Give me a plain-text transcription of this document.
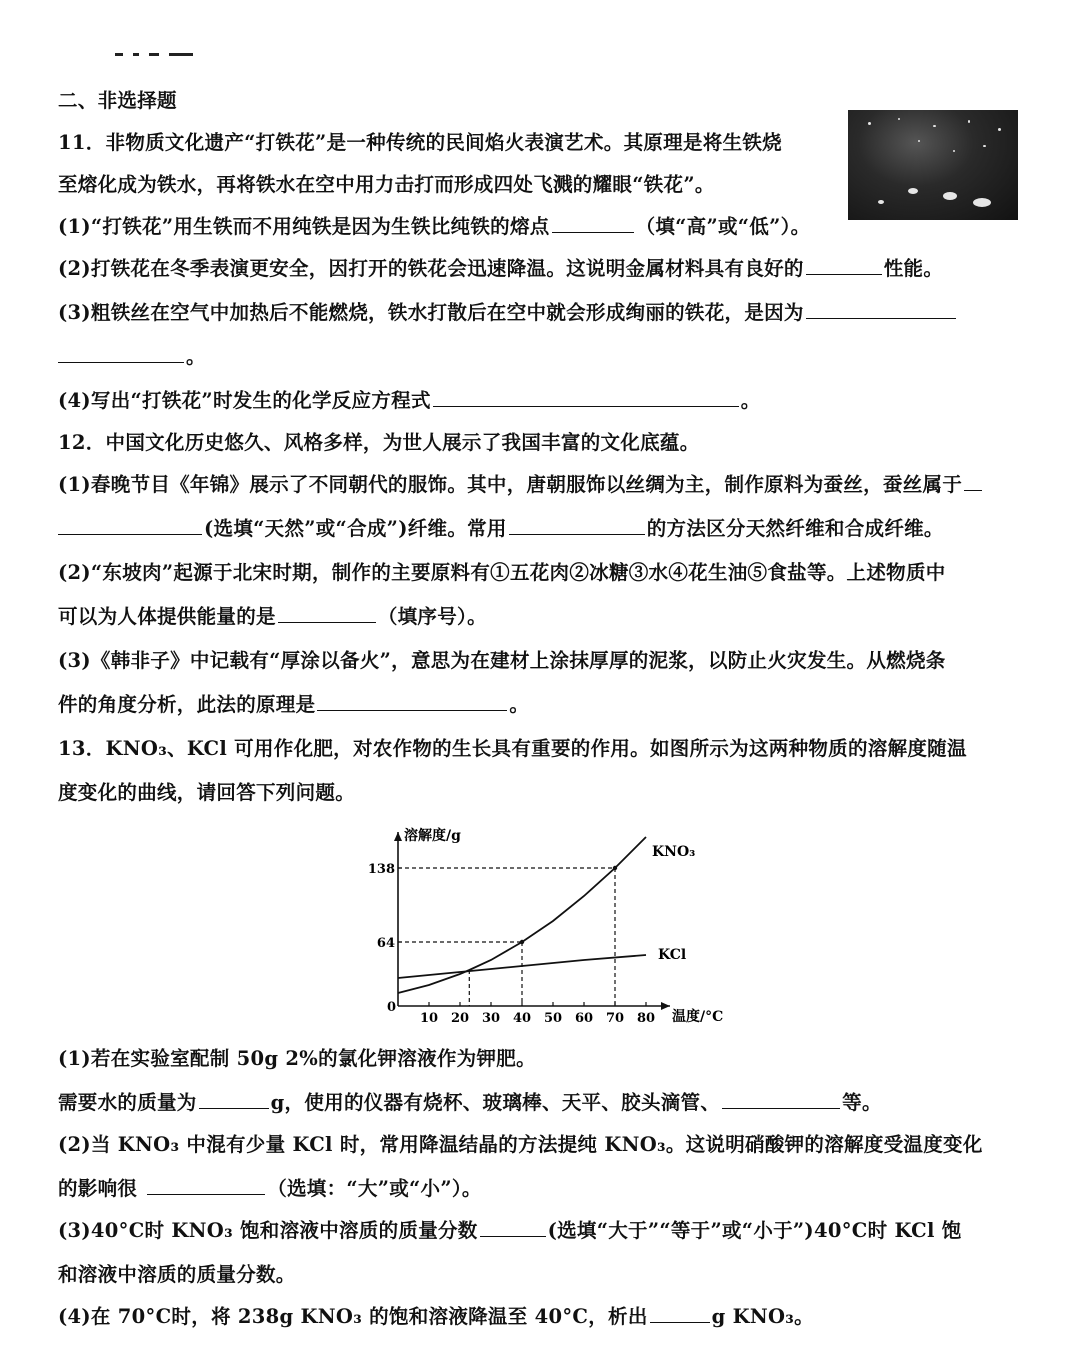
二、非选择题

11．非物质文化遗产“打铁花”是一种传统的民间焰火表演艺术。其原理是将生铁烧

至熔化成为铁水，再将铁水在空中用力击打而形成四处飞溅的耀眼“铁花”。

(1)“打铁花”用生铁而不用纯铁是因为生铁比纯铁的熔点	（填“高”或“低”）。

(2)打铁花在冬季表演更安全，因打开的铁花会迅速降温。这说明金属材料具有良好的	性能。

(3)粗铁丝在空气中加热后不能燃烧，铁水打散后在空中就会形成绚丽的铁花，是因为

。

(4)写出“打铁花”时发生的化学反应方程式	。

12．中国文化历史悠久、风格多样，为世人展示了我国丰富的文化底蕴。

(1)春晚节目《年锦》展示了不同朝代的服饰。其中，唐朝服饰以丝绸为主，制作原料为蚕丝，蚕丝属于

(选填“天然”或“合成”)纤维。常用	的方法区分天然纤维和合成纤维。

(2)“东坡肉”起源于北宋时期，制作的主要原料有①五花肉②冰糖③水④花生油⑤食盐等。上述物质中

可以为人体提供能量的是	（填序号）。

(3)《韩非子》中记载有“厚涂以备火”，意思为在建材上涂抹厚厚的泥浆，以防止火灾发生。从燃烧条

件的角度分析，此法的原理是	。

13．KNO₃、KCl 可用作化肥，对农作物的生长具有重要的作用。如图所示为这两种物质的溶解度随温

度变化的曲线，请回答下列问题。

10 20 30 40 50 60 70 80
64
138
溶解度/g
温度/°C
0
KNO₃
KCl

(1)若在实验室配制 50g 2%的氯化钾溶液作为钾肥。

需要水的质量为	g，使用的仪器有烧杯、玻璃棒、天平、胶头滴管、	等。

(2)当 KNO₃ 中混有少量 KCl 时，常用降温结晶的方法提纯 KNO₃。这说明硝酸钾的溶解度受温度变化

的影响很	（选填：“大”或“小”）。

(3)40°C时 KNO₃ 饱和溶液中溶质的质量分数	(选填“大于”“等于”或“小于”)40°C时 KCl 饱

和溶液中溶质的质量分数。

(4)在 70°C时，将 238g KNO₃ 的饱和溶液降温至 40°C，析出	g KNO₃。
